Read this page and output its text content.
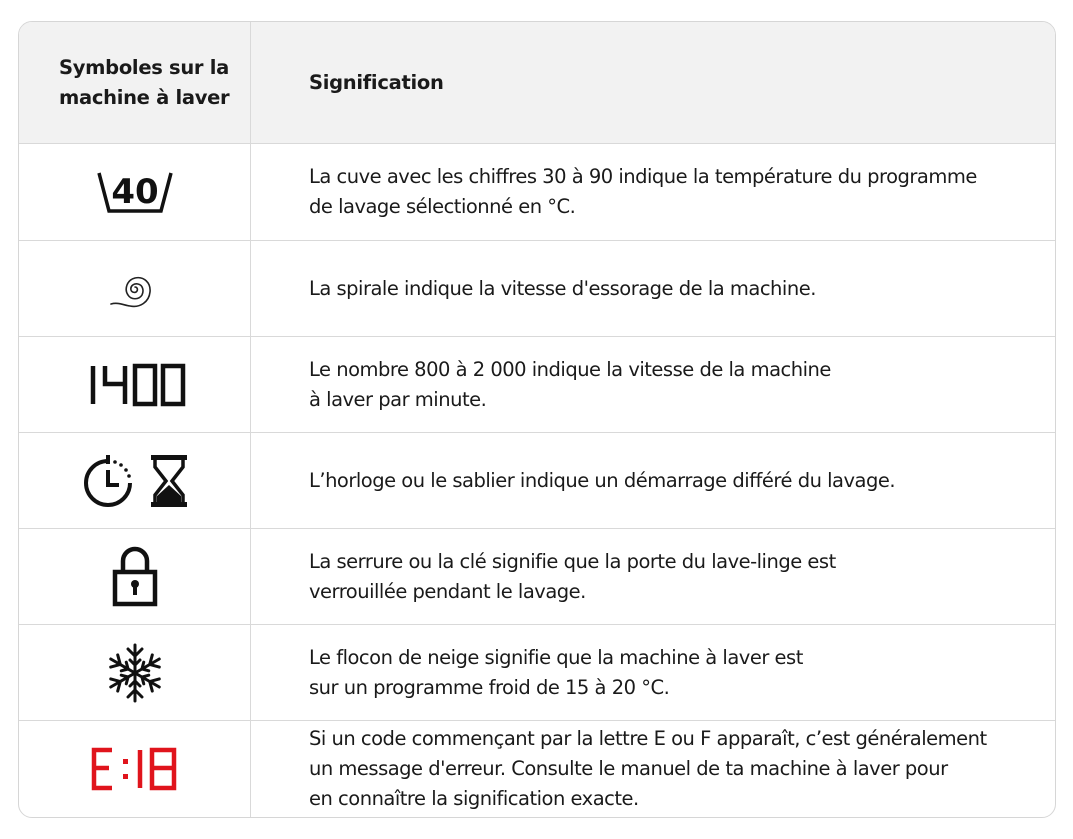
Symboles sur la
machine à laver
Signification
40	La cuve avec les chiffres 30 à 90 indique la température du programme
de lavage sélectionné en °C.
La spirale indique la vitesse d'essorage de la machine.
Le nombre 800 à 2 000 indique la vitesse de la machine
à laver par minute.
L’horloge ou le sablier indique un démarrage différé du lavage.
La serrure ou la clé signifie que la porte du lave-linge est
verrouillée pendant le lavage.
Le flocon de neige signifie que la machine à laver est
sur un programme froid de 15 à 20 °C.
Si un code commençant par la lettre E ou F apparaît, c’est généralement
un message d'erreur. Consulte le manuel de ta machine à laver pour
en connaître la signification exacte.
